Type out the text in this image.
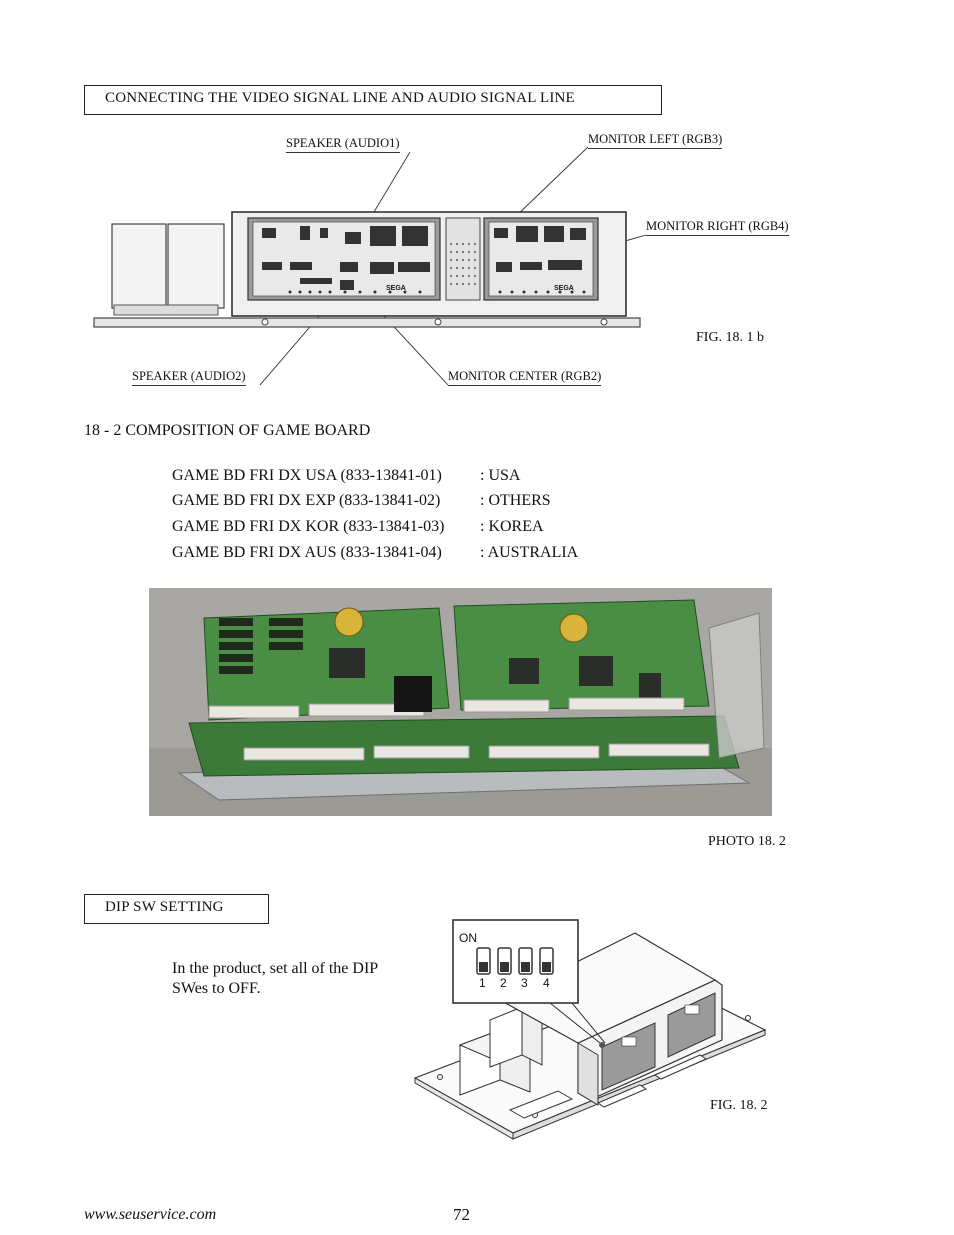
CONNECTING THE VIDEO SIGNAL LINE AND AUDIO SIGNAL LINE
SPEAKER (AUDIO1)	MONITOR LEFT (RGB3)
MONITOR RIGHT (RGB4)
SPEAKER (AUDIO2)	MONITOR CENTER (RGB2)
SEGA	SEGA
FIG. 18. 1 b
18 - 2 COMPOSITION OF GAME BOARD
GAME BD FRI DX USA (833-13841-01) : USA
GAME BD FRI DX EXP (833-13841-02) : OTHERS
GAME BD FRI DX KOR (833-13841-03) : KOREA
GAME BD FRI DX AUS (833-13841-04) : AUSTRALIA
PHOTO 18. 2
DIP SW SETTING
In the product, set all of the DIP SWes to OFF.
ON
1 2 3 4
FIG. 18. 2
www.seuservice.com	72
